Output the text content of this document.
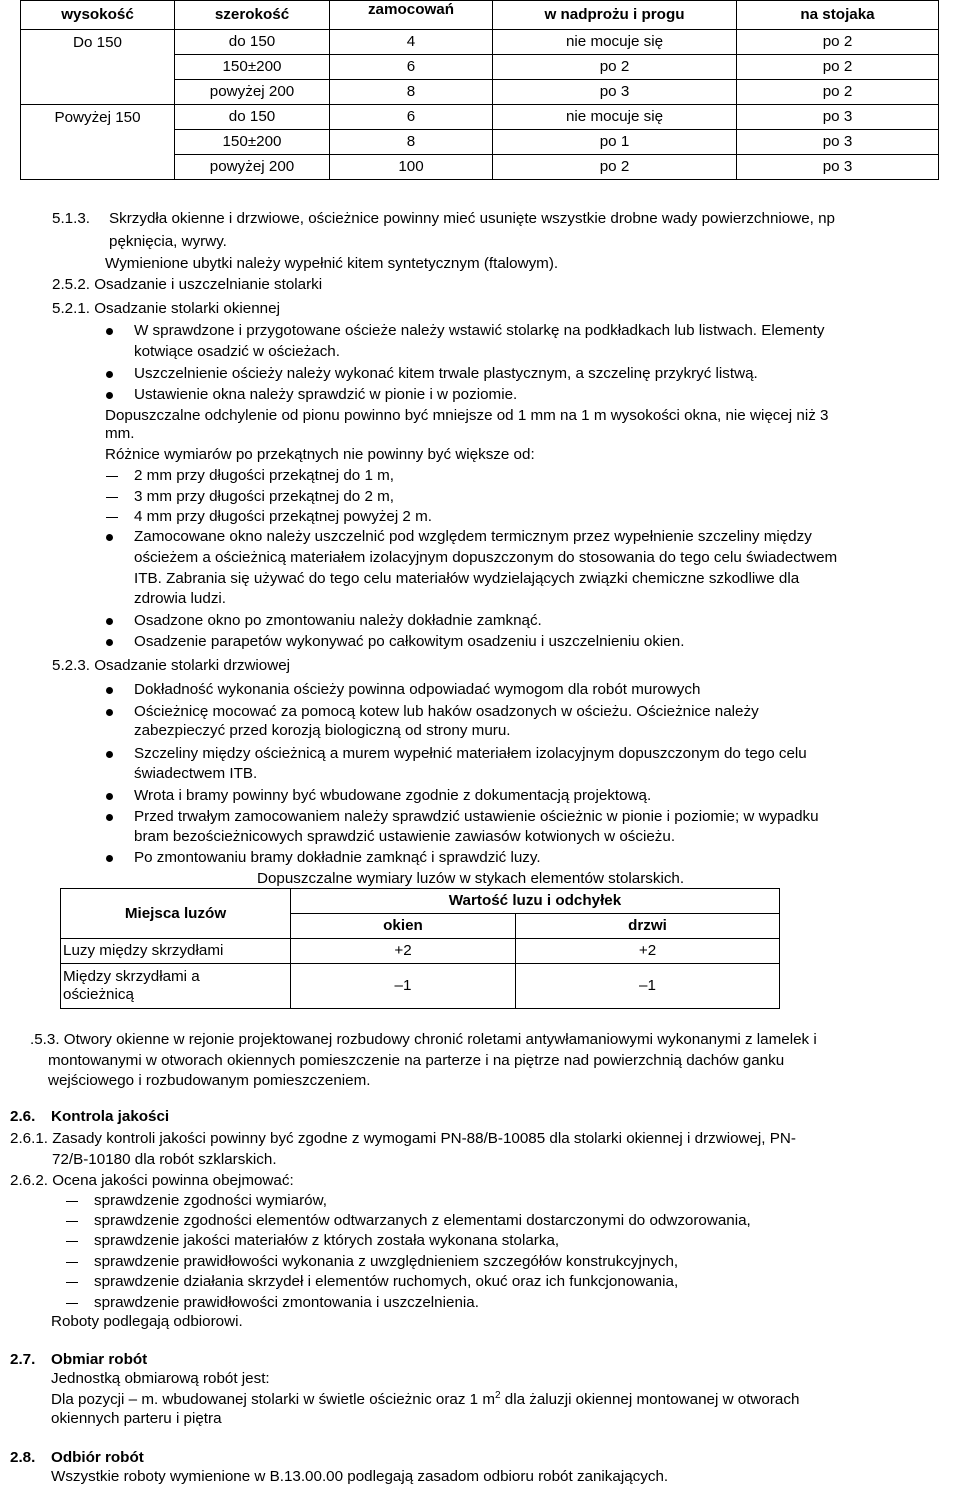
wysokość	szerokość	zamocowań	w nadprożu i progu	na stojaka
Do 150	do 150	4	nie mocuje się	po 2
	150±200	6	po 2	po 2
	powyżej 200	8	po 3	po 2
Powyżej 150	do 150	6	nie mocuje się	po 3
	150±200	8	po 1	po 3
	powyżej 200	100	po 2	po 3
5.1.3. Skrzydła okienne i drzwiowe, ościeżnice powinny mieć usunięte wszystkie drobne wady powierzchniowe, np
pęknięcia, wyrwy.
Wymienione ubytki należy wypełnić kitem syntetycznym (ftalowym).
2.5.2. Osadzanie i uszczelnianie stolarki
5.2.1. Osadzanie stolarki okiennej
W sprawdzone i przygotowane ościeże należy wstawić stolarkę na podkładkach lub listwach. Elementy
kotwiące osadzić w ościeżach.
Uszczelnienie ościeży należy wykonać kitem trwale plastycznym, a szczelinę przykryć listwą.
Ustawienie okna należy sprawdzić w pionie i w poziomie.
Dopuszczalne odchylenie od pionu powinno być mniejsze od 1 mm na 1 m wysokości okna, nie więcej niż 3
mm.
Różnice wymiarów po przekątnych nie powinny być większe od:
2 mm przy długości przekątnej do 1 m,
3 mm przy długości przekątnej do 2 m,
4 mm przy długości przekątnej powyżej 2 m.
Zamocowane okno należy uszczelnić pod względem termicznym przez wypełnienie szczeliny między
ościeżem a ościeżnicą materiałem izolacyjnym dopuszczonym do stosowania do tego celu świadectwem
ITB. Zabrania się używać do tego celu materiałów wydzielających związki chemiczne szkodliwe dla
zdrowia ludzi.
Osadzone okno po zmontowaniu należy dokładnie zamknąć.
Osadzenie parapetów wykonywać po całkowitym osadzeniu i uszczelnieniu okien.
5.2.3. Osadzanie stolarki drzwiowej
Dokładność wykonania ościeży powinna odpowiadać wymogom dla robót murowych
Ościeżnicę mocować za pomocą kotew lub haków osadzonych w ościeżu. Ościeżnice należy
zabezpieczyć przed korozją biologiczną od strony muru.
Szczeliny między ościeżnicą a murem wypełnić materiałem izolacyjnym dopuszczonym do tego celu
świadectwem ITB.
Wrota i bramy powinny być wbudowane zgodnie z dokumentacją projektową.
Przed trwałym zamocowaniem należy sprawdzić ustawienie ościeżnic w pionie i poziomie; w wypadku
bram bezościeżnicowych sprawdzić ustawienie zawiasów kotwionych w ościeżu.
Po zmontowaniu bramy dokładnie zamknąć i sprawdzić luzy.
Dopuszczalne wymiary luzów w stykach elementów stolarskich.
Miejsca luzów	Wartość luzu i odchyłek	
	okien	drzwi
Luzy między skrzydłami	+2	+2

Między skrzydłami a
ościeżnicą	–1	–1
.5.3. Otwory okienne w rejonie projektowanej rozbudowy chronić roletami antywłamaniowymi wykonanymi z lamelek i
montowanymi w otworach okiennych pomieszczenie na parterze i na piętrze nad powierzchnią dachów ganku
wejściowego i rozbudowanym pomieszczeniem.
2.6. Kontrola jakości
2.6.1. Zasady kontroli jakości powinny być zgodne z wymogami PN-88/B-10085 dla stolarki okiennej i drzwiowej, PN-
72/B-10180 dla robót szklarskich.
2.6.2. Ocena jakości powinna obejmować:
sprawdzenie zgodności wymiarów,
sprawdzenie zgodności elementów odtwarzanych z elementami dostarczonymi do odwzorowania,
sprawdzenie jakości materiałów z których została wykonana stolarka,
sprawdzenie prawidłowości wykonania z uwzględnieniem szczegółów konstrukcyjnych,
sprawdzenie działania skrzydeł i elementów ruchomych, okuć oraz ich funkcjonowania,
sprawdzenie prawidłowości zmontowania i uszczelnienia.
Roboty podlegają odbiorowi.
2.7. Obmiar robót
Jednostką obmiarową robót jest:
Dla pozycji – m. wbudowanej stolarki w świetle ościeżnic oraz 1 $m^2$ dla żaluzji okiennej montowanej w otworach
okiennych parteru i piętra
2.8. Odbiór robót
Wszystkie roboty wymienione w B.13.00.00 podlegają zasadom odbioru robót zanikających.
